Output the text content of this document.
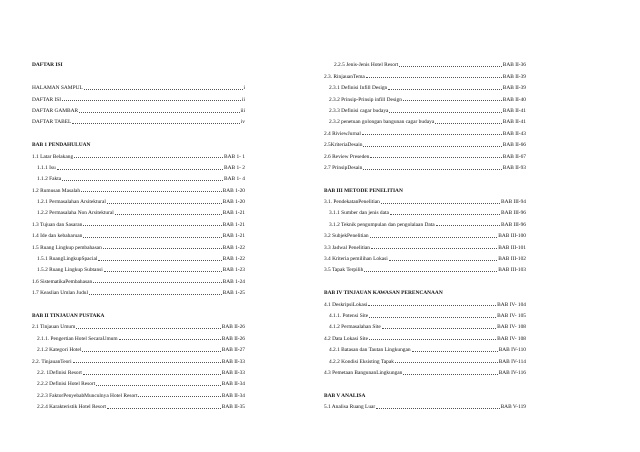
DAFTAR ISI
HALAMAN SAMPUL	i
DAFTAR ISI	ii
DAFTAR GAMBAR	iii
DAFTAR TABEL	iv
BAB 1 PENDAHULUAN
1.1 Latar Belakang	BAB 1- 1
1.1.1 Isu	BAB 1- 2
1.1.2 Fakta	BAB 1- 4
1.2 Rumusan Masalah	BAB 1-20
1.2.1 Permasalahan Arsitektural	BAB 1-20
1.2.2 Permasalaha Non Arsitektural	BAB 1-21
1.3 Tujuan dan Sasaran	BAB 1-21
1.4 Ide dan kebaharuan	BAB 1-21
1.5 Ruang Lingkup pembahasan	BAB 1-22
1.5.1 RuangLingkupSpacial	BAB 1-22
1.5.2 Ruang Lingkup Subtansi	BAB 1-23
1.6 SistematikaPembahasan	BAB 1-24
1.7 Keaslian Umlan Judul	BAB 1-25
BAB II TINJAUAN PUSTAKA
2.1 Tinjauan Umum	BAB II-26
2.1.1. Pengertian Hotel SecaraUmum	BAB II-26
2.1.2 Kategori Hotel	BAB II-27
2.2. TinjauanTeori	BAB II-33
2.2. 1Definisi Resort	BAB II-33
2.2.2 Definisi Hotel Resort	BAB II-34
2.2.3 FaktorPenyebabMunculnya Hotel Resort	BAB II-34
2.2.4 Karakteristik Hotel Resort	BAB II-35
2.2.5 Jenis-Jenis Hotel Resort	BAB II-36
2.3. RinjauanTema	BAB II-39
2.3.1 Definisi Infill Design	BAB II-39
2.3.2 Prinsip-Prinsip infill Design	BAB II-40
2.3.3 Definisi cagar budaya	BAB II-41
2.3.2 penetuan golongan bangunan cagar budaya	BAB II-41
2.4 RiviewJurnal	BAB II-43
2.5KriteriaDesain	BAB II-66
2.6 Review Preseden	BAB II-67
2.7 PrinsipDesain	BAB II-93
BAB III METODE PENELITIAN
3.1. PendekatanPenelitian	BAB III-94
3.1.1 Sumber dan jenis data	BAB III-96
3.1.2 Teknik pengumpulan dan pengolalaan Data	BAB III-96
3.2 SubjekPenelitian	BAB III-100
3.3 Jadwal Penelitian	BAB III-101
3.4 Kriteria pemilihan Lokasi	BAB III-102
3.5 Tapak Terpilih	BAB III-103
BAB IV TINJAUAN KAWASAN PERENCANAAN
4.1 DeskripsiLokasi	BAB IV- 104
4.1.1. Potensi Site	BAB IV- 105
4.1.2 Permasalahan Site	BAB IV- 108
4.2 Data Lokasi Site	BAB IV- 108
4.2.1 Batasan dan Tautan Lingkungan	BAB IV-110
4.2.2 Kondisi Eksisting Tapak	BAB IV-114
4.3 Pemetaan BangunanLingkungan	BAB IV-116
BAB V ANALISA
5.1 Analisa Ruang Luar	BAB V-119
